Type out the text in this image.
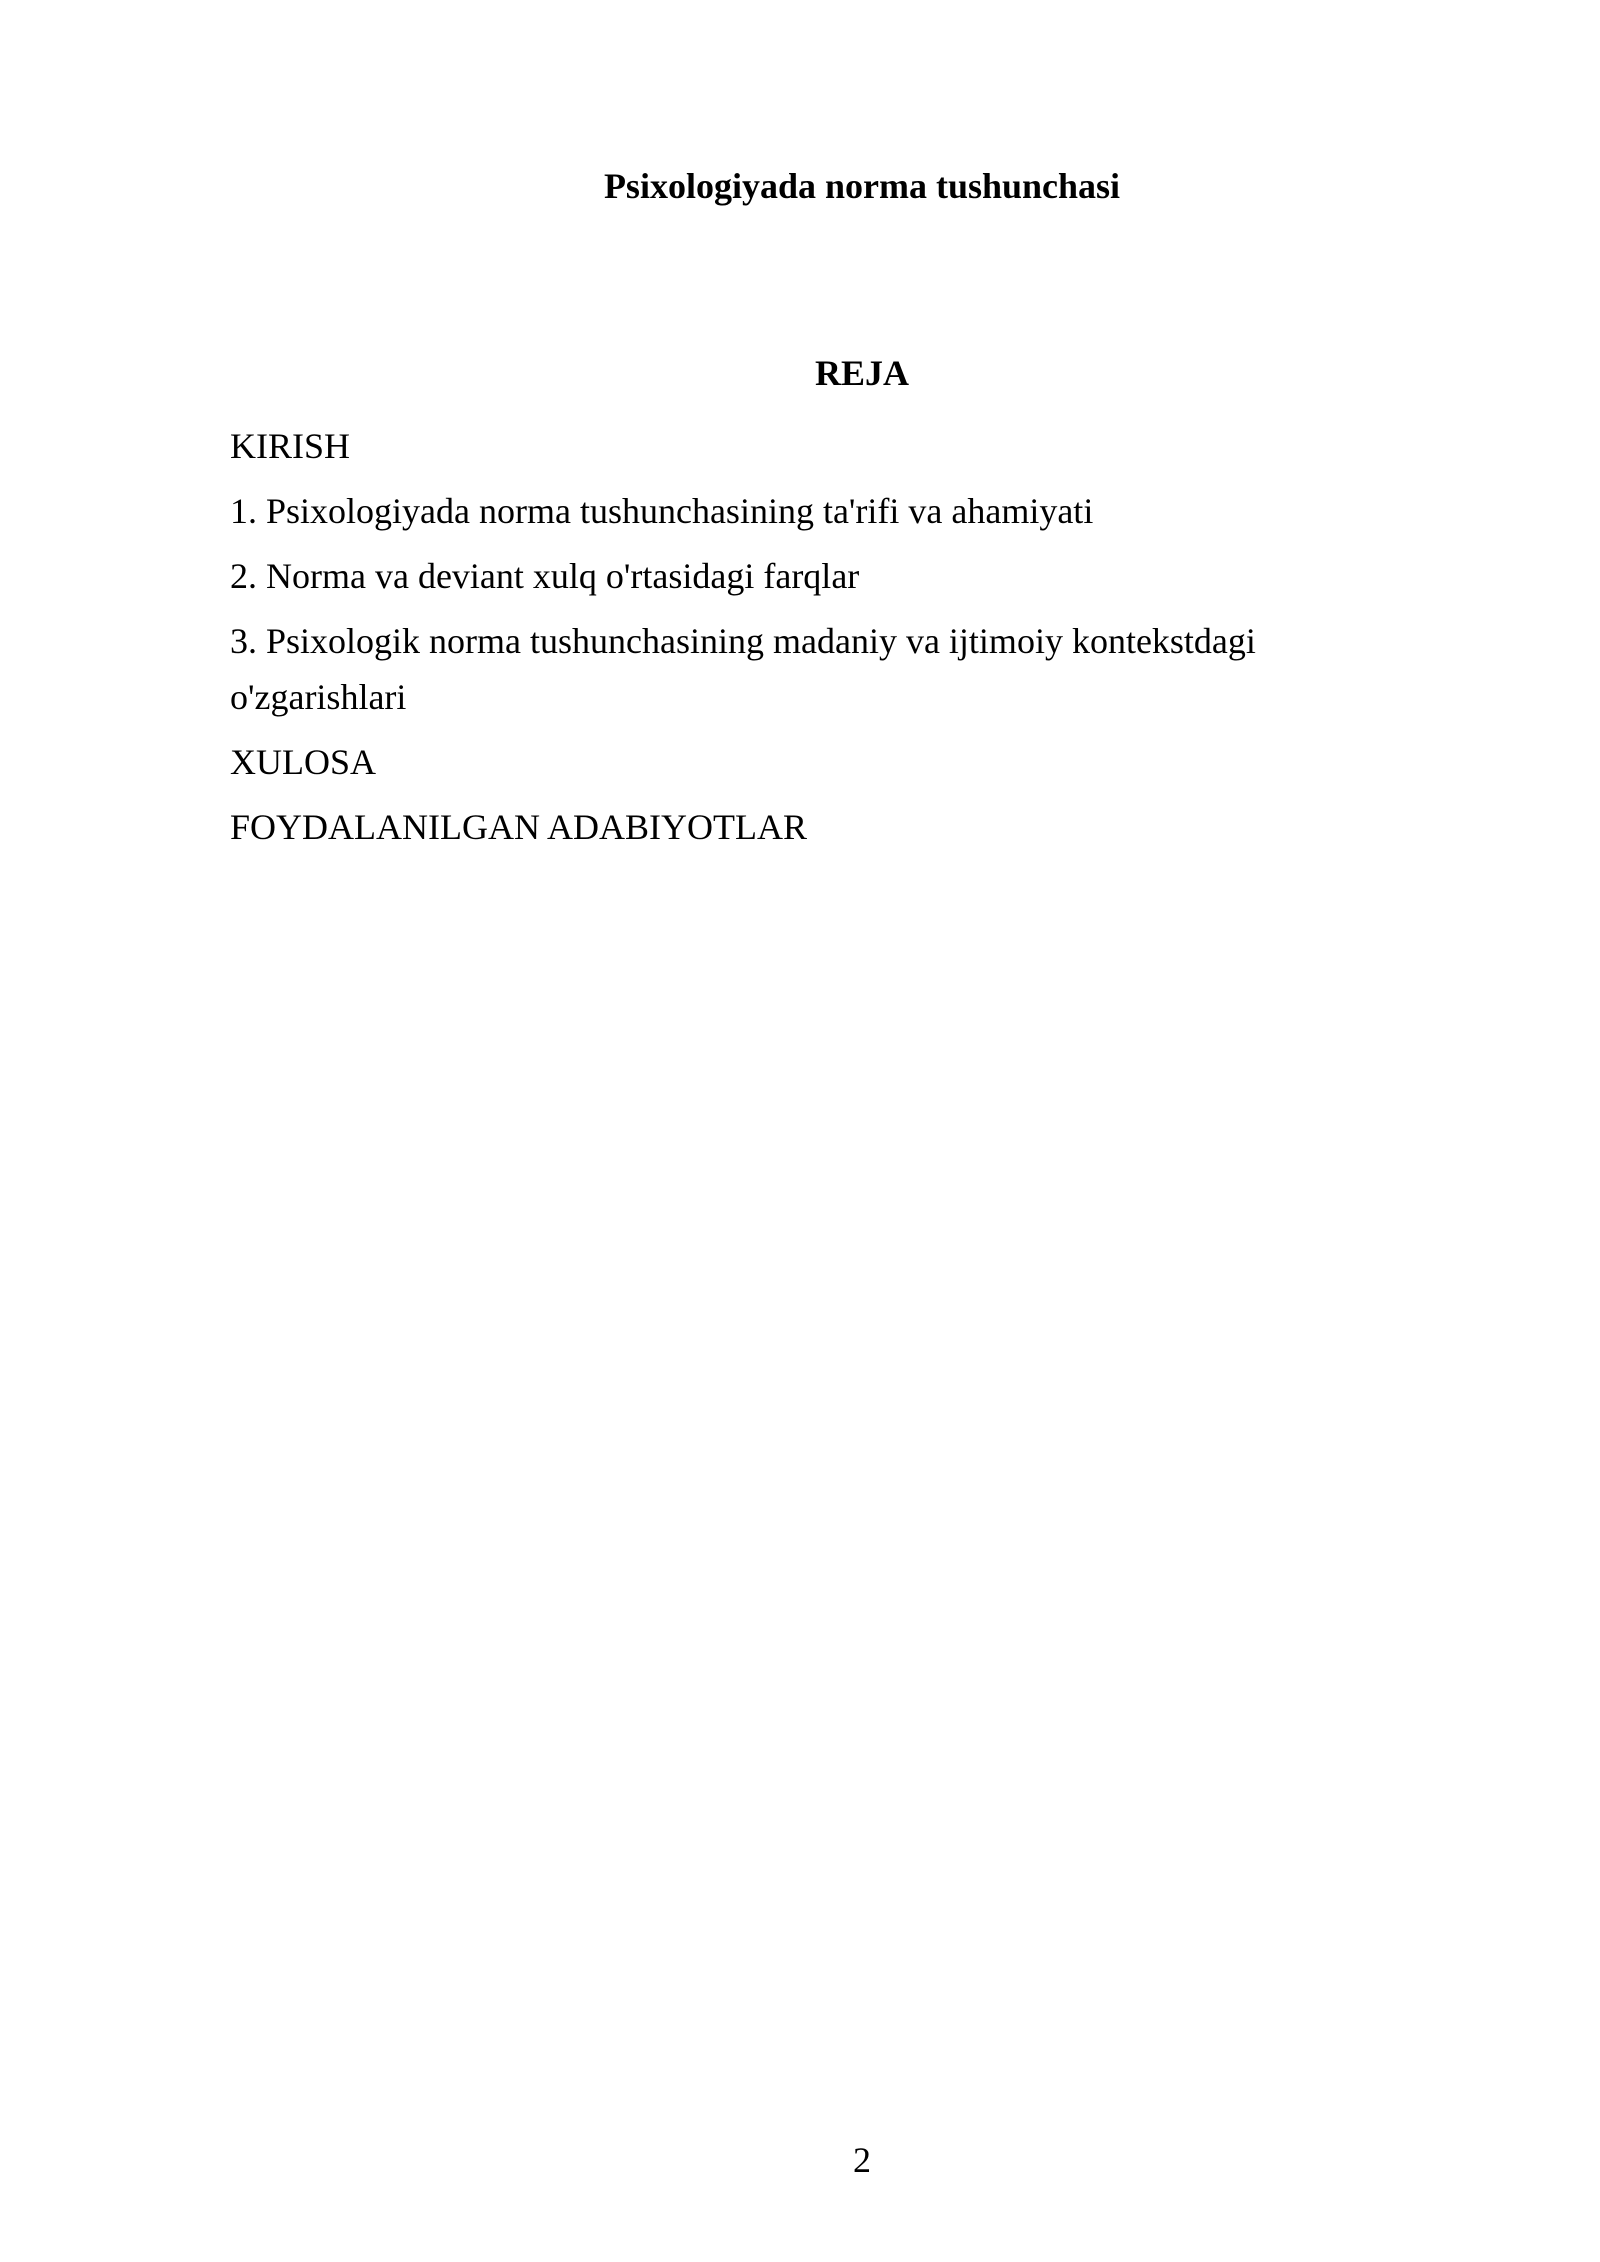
Psixologiyada norma tushunchasi
REJA
KIRISH
1. Psixologiyada norma tushunchasining ta'rifi va ahamiyati
2. Norma va deviant xulq o'rtasidagi farqlar
3. Psixologik norma tushunchasining madaniy va ijtimoiy kontekstdagi o'zgarishlari
XULOSA
FOYDALANILGAN ADABIYOTLAR
2
